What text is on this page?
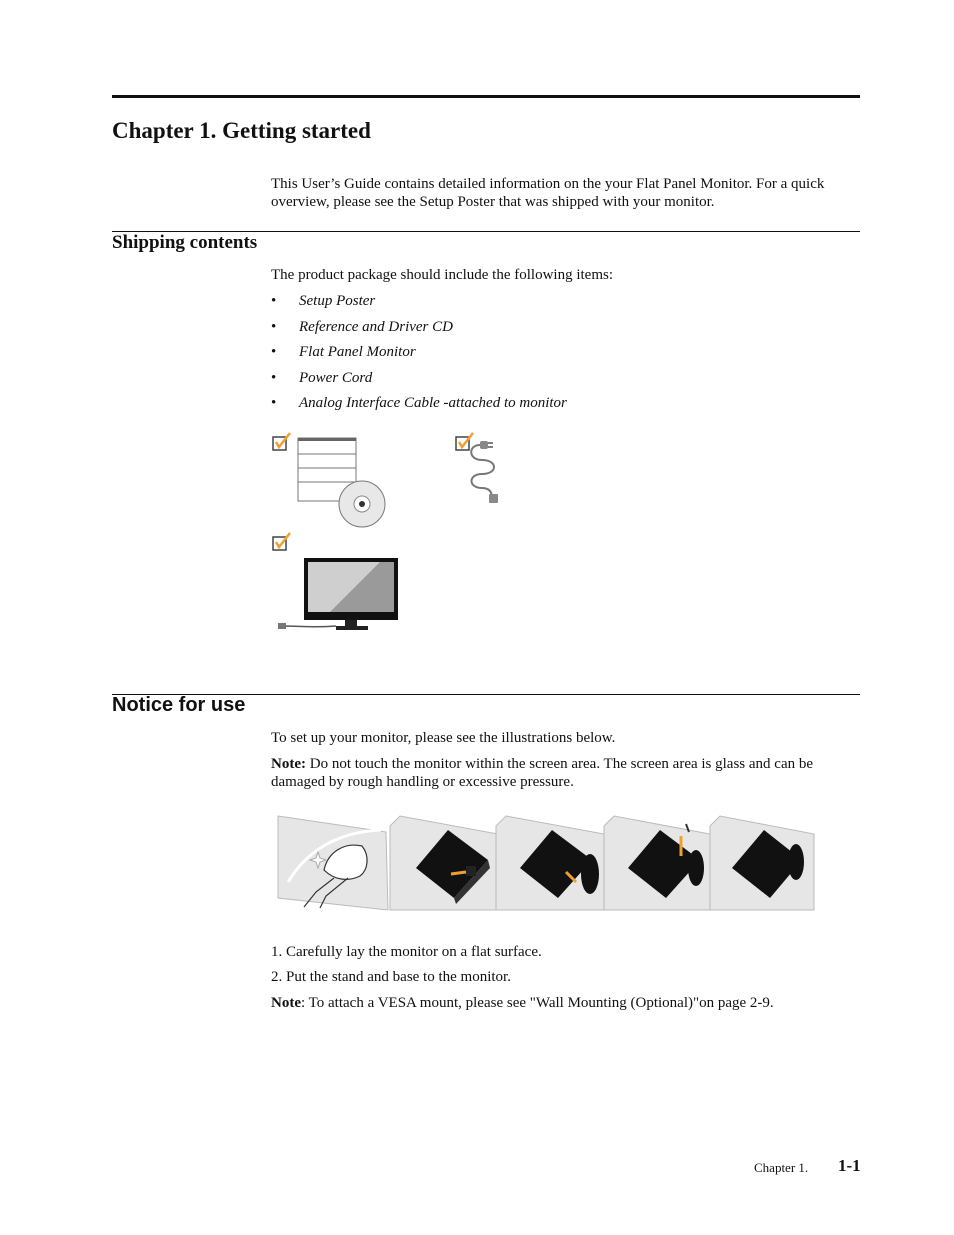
Chapter 1. Getting started
This User’s Guide contains detailed information on the your Flat Panel Monitor. For a quick overview, please see the Setup Poster that was shipped with your monitor.
Shipping contents
The product package should include the following items:
• Setup Poster
• Reference and Driver CD
• Flat Panel Monitor
• Power Cord
• Analog Interface Cable -attached to monitor
Notice for use
To set up your monitor, please see the illustrations below.
Note: Do not touch the monitor within the screen area. The screen area is glass and can be damaged by rough handling or excessive pressure.
1. Carefully lay the monitor on a flat surface.
2. Put the stand and base to the monitor.
Note: To attach a VESA mount, please see "Wall Mounting (Optional)"on page 2-9.
Chapter 1. 1-1
